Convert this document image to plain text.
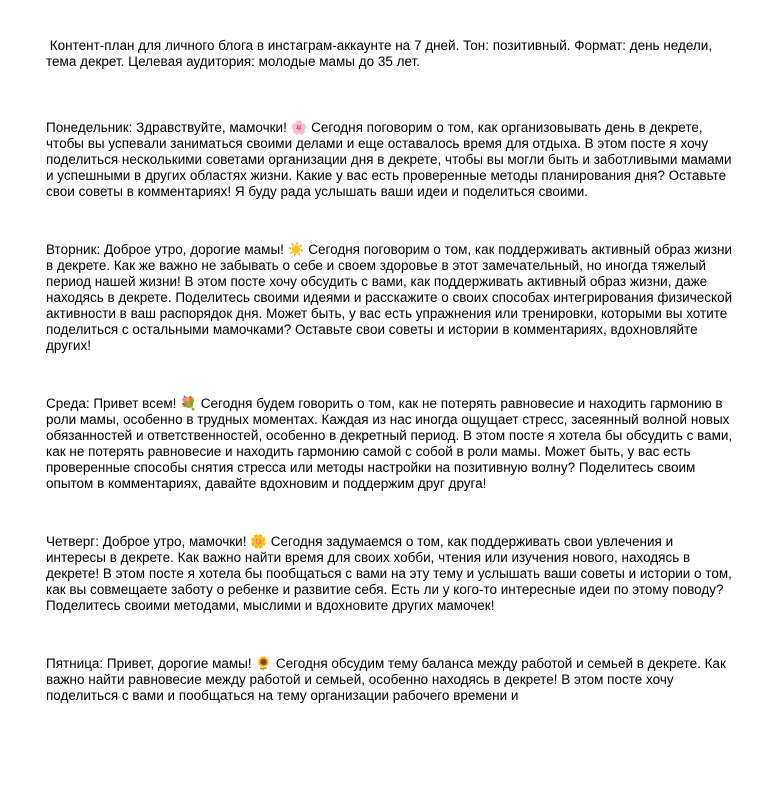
Контент-план для личного блога в инстаграм-аккаунте на 7 дней. Тон: позитивный. Формат: день недели, тема декрет. Целевая аудитория: молодые мамы до 35 лет.

Понедельник: Здравствуйте, мамочки! 🌸 Сегодня поговорим о том, как организовывать день в декрете, чтобы вы успевали заниматься своими делами и еще оставалось время для отдыха. В этом посте я хочу поделиться несколькими советами организации дня в декрете, чтобы вы могли быть и заботливыми мамами и успешными в других областях жизни. Какие у вас есть проверенные методы планирования дня? Оставьте свои советы в комментариях! Я буду рада услышать ваши идеи и поделиться своими.

Вторник: Доброе утро, дорогие мамы! ☀️ Сегодня поговорим о том, как поддерживать активный образ жизни в декрете. Как же важно не забывать о себе и своем здоровье в этот замечательный, но иногда тяжелый период нашей жизни! В этом посте хочу обсудить с вами, как поддерживать активный образ жизни, даже находясь в декрете. Поделитесь своими идеями и расскажите о своих способах интегрирования физической активности в ваш распорядок дня. Может быть, у вас есть упражнения или тренировки, которыми вы хотите поделиться с остальными мамочками? Оставьте свои советы и истории в комментариях, вдохновляйте других!

Среда: Привет всем! 💐 Сегодня будем говорить о том, как не потерять равновесие и находить гармонию в роли мамы, особенно в трудных моментах. Каждая из нас иногда ощущает стресс, засеянный волной новых обязанностей и ответственностей, особенно в декретный период. В этом посте я хотела бы обсудить с вами, как не потерять равновесие и находить гармонию самой с собой в роли мамы. Может быть, у вас есть проверенные способы снятия стресса или методы настройки на позитивную волну? Поделитесь своим опытом в комментариях, давайте вдохновим и поддержим друг друга!

Четверг: Доброе утро, мамочки! 🌼 Сегодня задумаемся о том, как поддерживать свои увлечения и интересы в декрете. Как важно найти время для своих хобби, чтения или изучения нового, находясь в декрете! В этом посте я хотела бы пообщаться с вами на эту тему и услышать ваши советы и истории о том, как вы совмещаете заботу о ребенке и развитие себя. Есть ли у кого-то интересные идеи по этому поводу? Поделитесь своими методами, мыслими и вдохновите других мамочек!

Пятница: Привет, дорогие мамы! 🌻 Сегодня обсудим тему баланса между работой и семьей в декрете. Как важно найти равновесие между работой и семьей, особенно находясь в декрете! В этом посте хочу поделиться с вами и пообщаться на тему организации рабочего времени и
